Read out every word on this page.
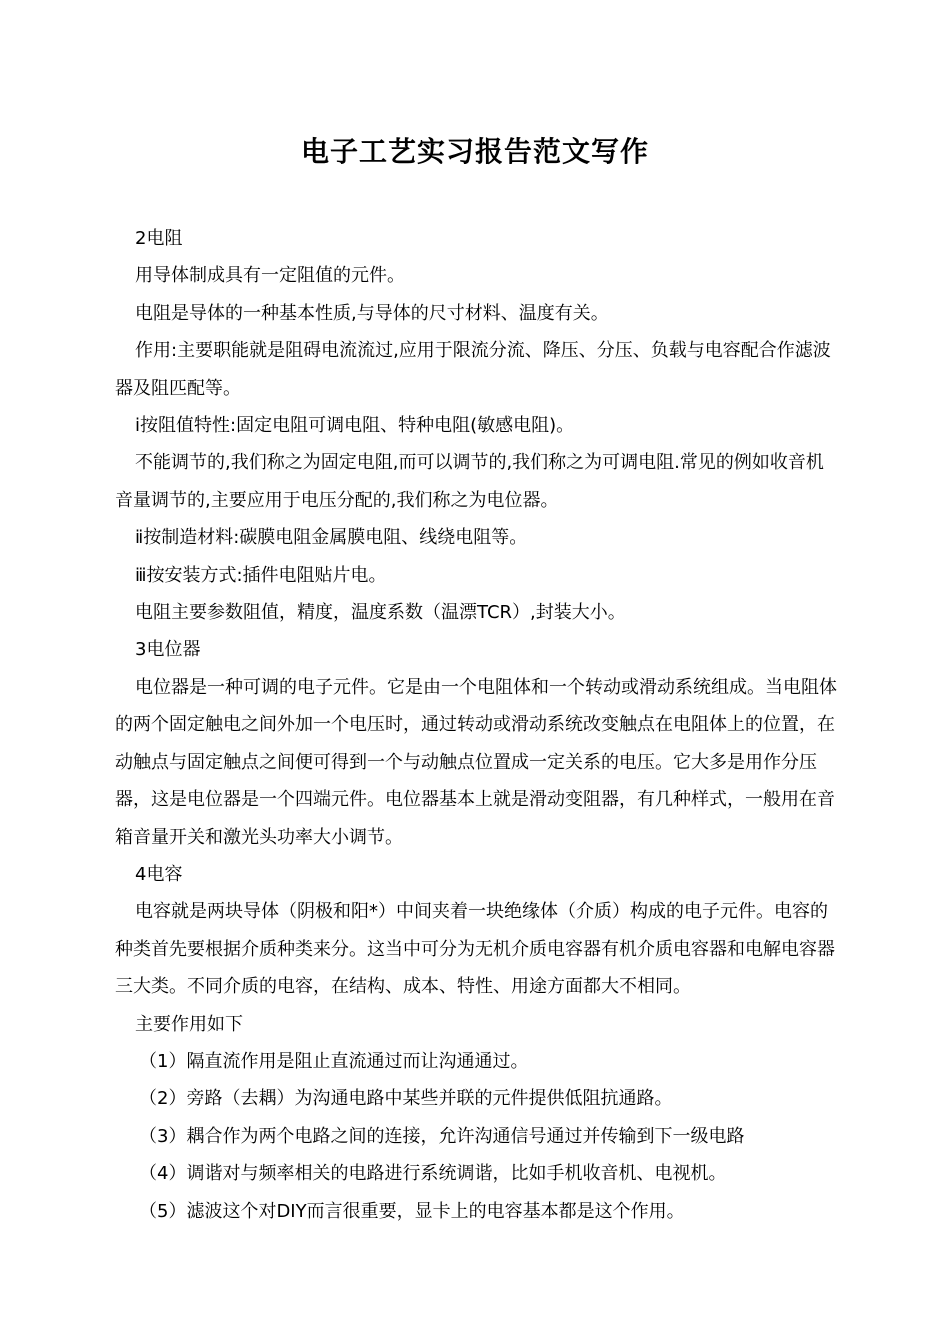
电子工艺实习报告范文写作

2电阻

用导体制成具有一定阻值的元件。

电阻是导体的一种基本性质,与导体的尺寸材料、温度有关。

作用:主要职能就是阻碍电流流过,应用于限流分流、降压、分压、负载与电容配合作滤波器及阻匹配等。

ⅰ按阻值特性:固定电阻可调电阻、特种电阻(敏感电阻)。

不能调节的,我们称之为固定电阻,而可以调节的,我们称之为可调电阻.常见的例如收音机音量调节的,主要应用于电压分配的,我们称之为电位器。

ⅱ按制造材料:碳膜电阻金属膜电阻、线绕电阻等。

ⅲ按安装方式:插件电阻贴片电。

电阻主要参数阻值，精度，温度系数（温漂TCR）,封装大小。

3电位器

电位器是一种可调的电子元件。它是由一个电阻体和一个转动或滑动系统组成。当电阻体的两个固定触电之间外加一个电压时，通过转动或滑动系统改变触点在电阻体上的位置，在动触点与固定触点之间便可得到一个与动触点位置成一定关系的电压。它大多是用作分压器，这是电位器是一个四端元件。电位器基本上就是滑动变阻器，有几种样式，一般用在音箱音量开关和激光头功率大小调节。

4电容

电容就是两块导体（阴极和阳*）中间夹着一块绝缘体（介质）构成的电子元件。电容的种类首先要根据介质种类来分。这当中可分为无机介质电容器有机介质电容器和电解电容器三大类。不同介质的电容，在结构、成本、特性、用途方面都大不相同。

主要作用如下

（1）隔直流作用是阻止直流通过而让沟通通过。

（2）旁路（去耦）为沟通电路中某些并联的元件提供低阻抗通路。

（3）耦合作为两个电路之间的连接，允许沟通信号通过并传输到下一级电路

（4）调谐对与频率相关的电路进行系统调谐，比如手机收音机、电视机。

（5）滤波这个对DIY而言很重要，显卡上的电容基本都是这个作用。
